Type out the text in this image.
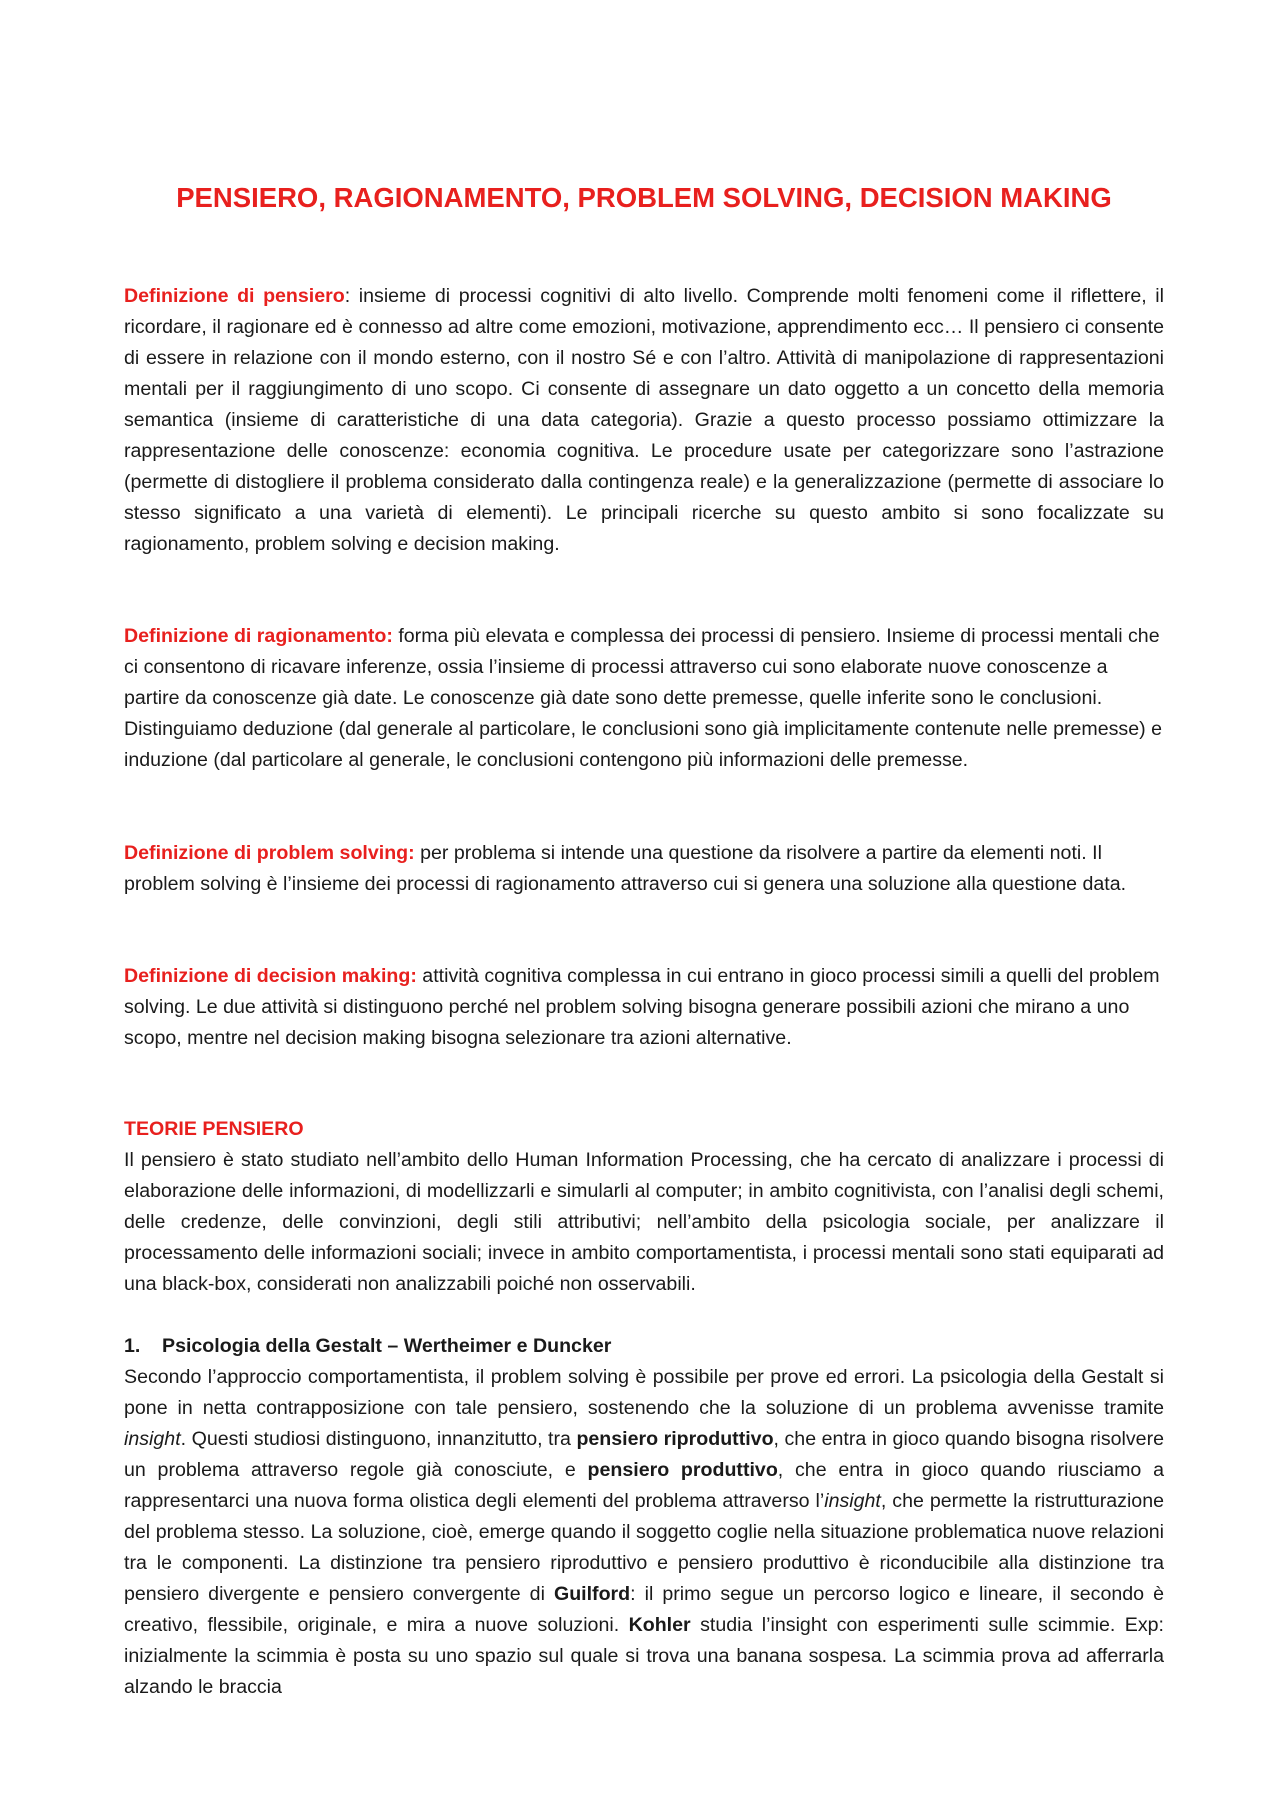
PENSIERO, RAGIONAMENTO, PROBLEM SOLVING, DECISION MAKING

Definizione di pensiero: insieme di processi cognitivi di alto livello. Comprende molti fenomeni come il riflettere, il ricordare, il ragionare ed è connesso ad altre come emozioni, motivazione, apprendimento ecc… Il pensiero ci consente di essere in relazione con il mondo esterno, con il nostro Sé e con l’altro. Attività di manipolazione di rappresentazioni mentali per il raggiungimento di uno scopo. Ci consente di assegnare un dato oggetto a un concetto della memoria semantica (insieme di caratteristiche di una data categoria). Grazie a questo processo possiamo ottimizzare la rappresentazione delle conoscenze: economia cognitiva. Le procedure usate per categorizzare sono l’astrazione (permette di distogliere il problema considerato dalla contingenza reale) e la generalizzazione (permette di associare lo stesso significato a una varietà di elementi). Le principali ricerche su questo ambito si sono focalizzate su ragionamento, problem solving e decision making.

Definizione di ragionamento: forma più elevata e complessa dei processi di pensiero. Insieme di processi mentali che ci consentono di ricavare inferenze, ossia l’insieme di processi attraverso cui sono elaborate nuove conoscenze a partire da conoscenze già date. Le conoscenze già date sono dette premesse, quelle inferite sono le conclusioni. Distinguiamo deduzione (dal generale al particolare, le conclusioni sono già implicitamente contenute nelle premesse) e induzione (dal particolare al generale, le conclusioni contengono più informazioni delle premesse.

Definizione di problem solving: per problema si intende una questione da risolvere a partire da elementi noti. Il problem solving è l’insieme dei processi di ragionamento attraverso cui si genera una soluzione alla questione data.

Definizione di decision making: attività cognitiva complessa in cui entrano in gioco processi simili a quelli del problem solving. Le due attività si distinguono perché nel problem solving bisogna generare possibili azioni che mirano a uno scopo, mentre nel decision making bisogna selezionare tra azioni alternative.

TEORIE PENSIERO

Il pensiero è stato studiato nell’ambito dello Human Information Processing, che ha cercato di analizzare i processi di elaborazione delle informazioni, di modellizzarli e simularli al computer; in ambito cognitivista, con l’analisi degli schemi, delle credenze, delle convinzioni, degli stili attributivi; nell’ambito della psicologia sociale, per analizzare il processamento delle informazioni sociali; invece in ambito comportamentista, i processi mentali sono stati equiparati ad una black-box, considerati non analizzabili poiché non osservabili.

1. Psicologia della Gestalt – Wertheimer e Duncker

Secondo l’approccio comportamentista, il problem solving è possibile per prove ed errori. La psicologia della Gestalt si pone in netta contrapposizione con tale pensiero, sostenendo che la soluzione di un problema avvenisse tramite insight. Questi studiosi distinguono, innanzitutto, tra pensiero riproduttivo, che entra in gioco quando bisogna risolvere un problema attraverso regole già conosciute, e pensiero produttivo, che entra in gioco quando riusciamo a rappresentarci una nuova forma olistica degli elementi del problema attraverso l’insight, che permette la ristrutturazione del problema stesso. La soluzione, cioè, emerge quando il soggetto coglie nella situazione problematica nuove relazioni tra le componenti. La distinzione tra pensiero riproduttivo e pensiero produttivo è riconducibile alla distinzione tra pensiero divergente e pensiero convergente di Guilford: il primo segue un percorso logico e lineare, il secondo è creativo, flessibile, originale, e mira a nuove soluzioni. Kohler studia l’insight con esperimenti sulle scimmie. Exp: inizialmente la scimmia è posta su uno spazio sul quale si trova una banana sospesa. La scimmia prova ad afferrarla alzando le braccia
